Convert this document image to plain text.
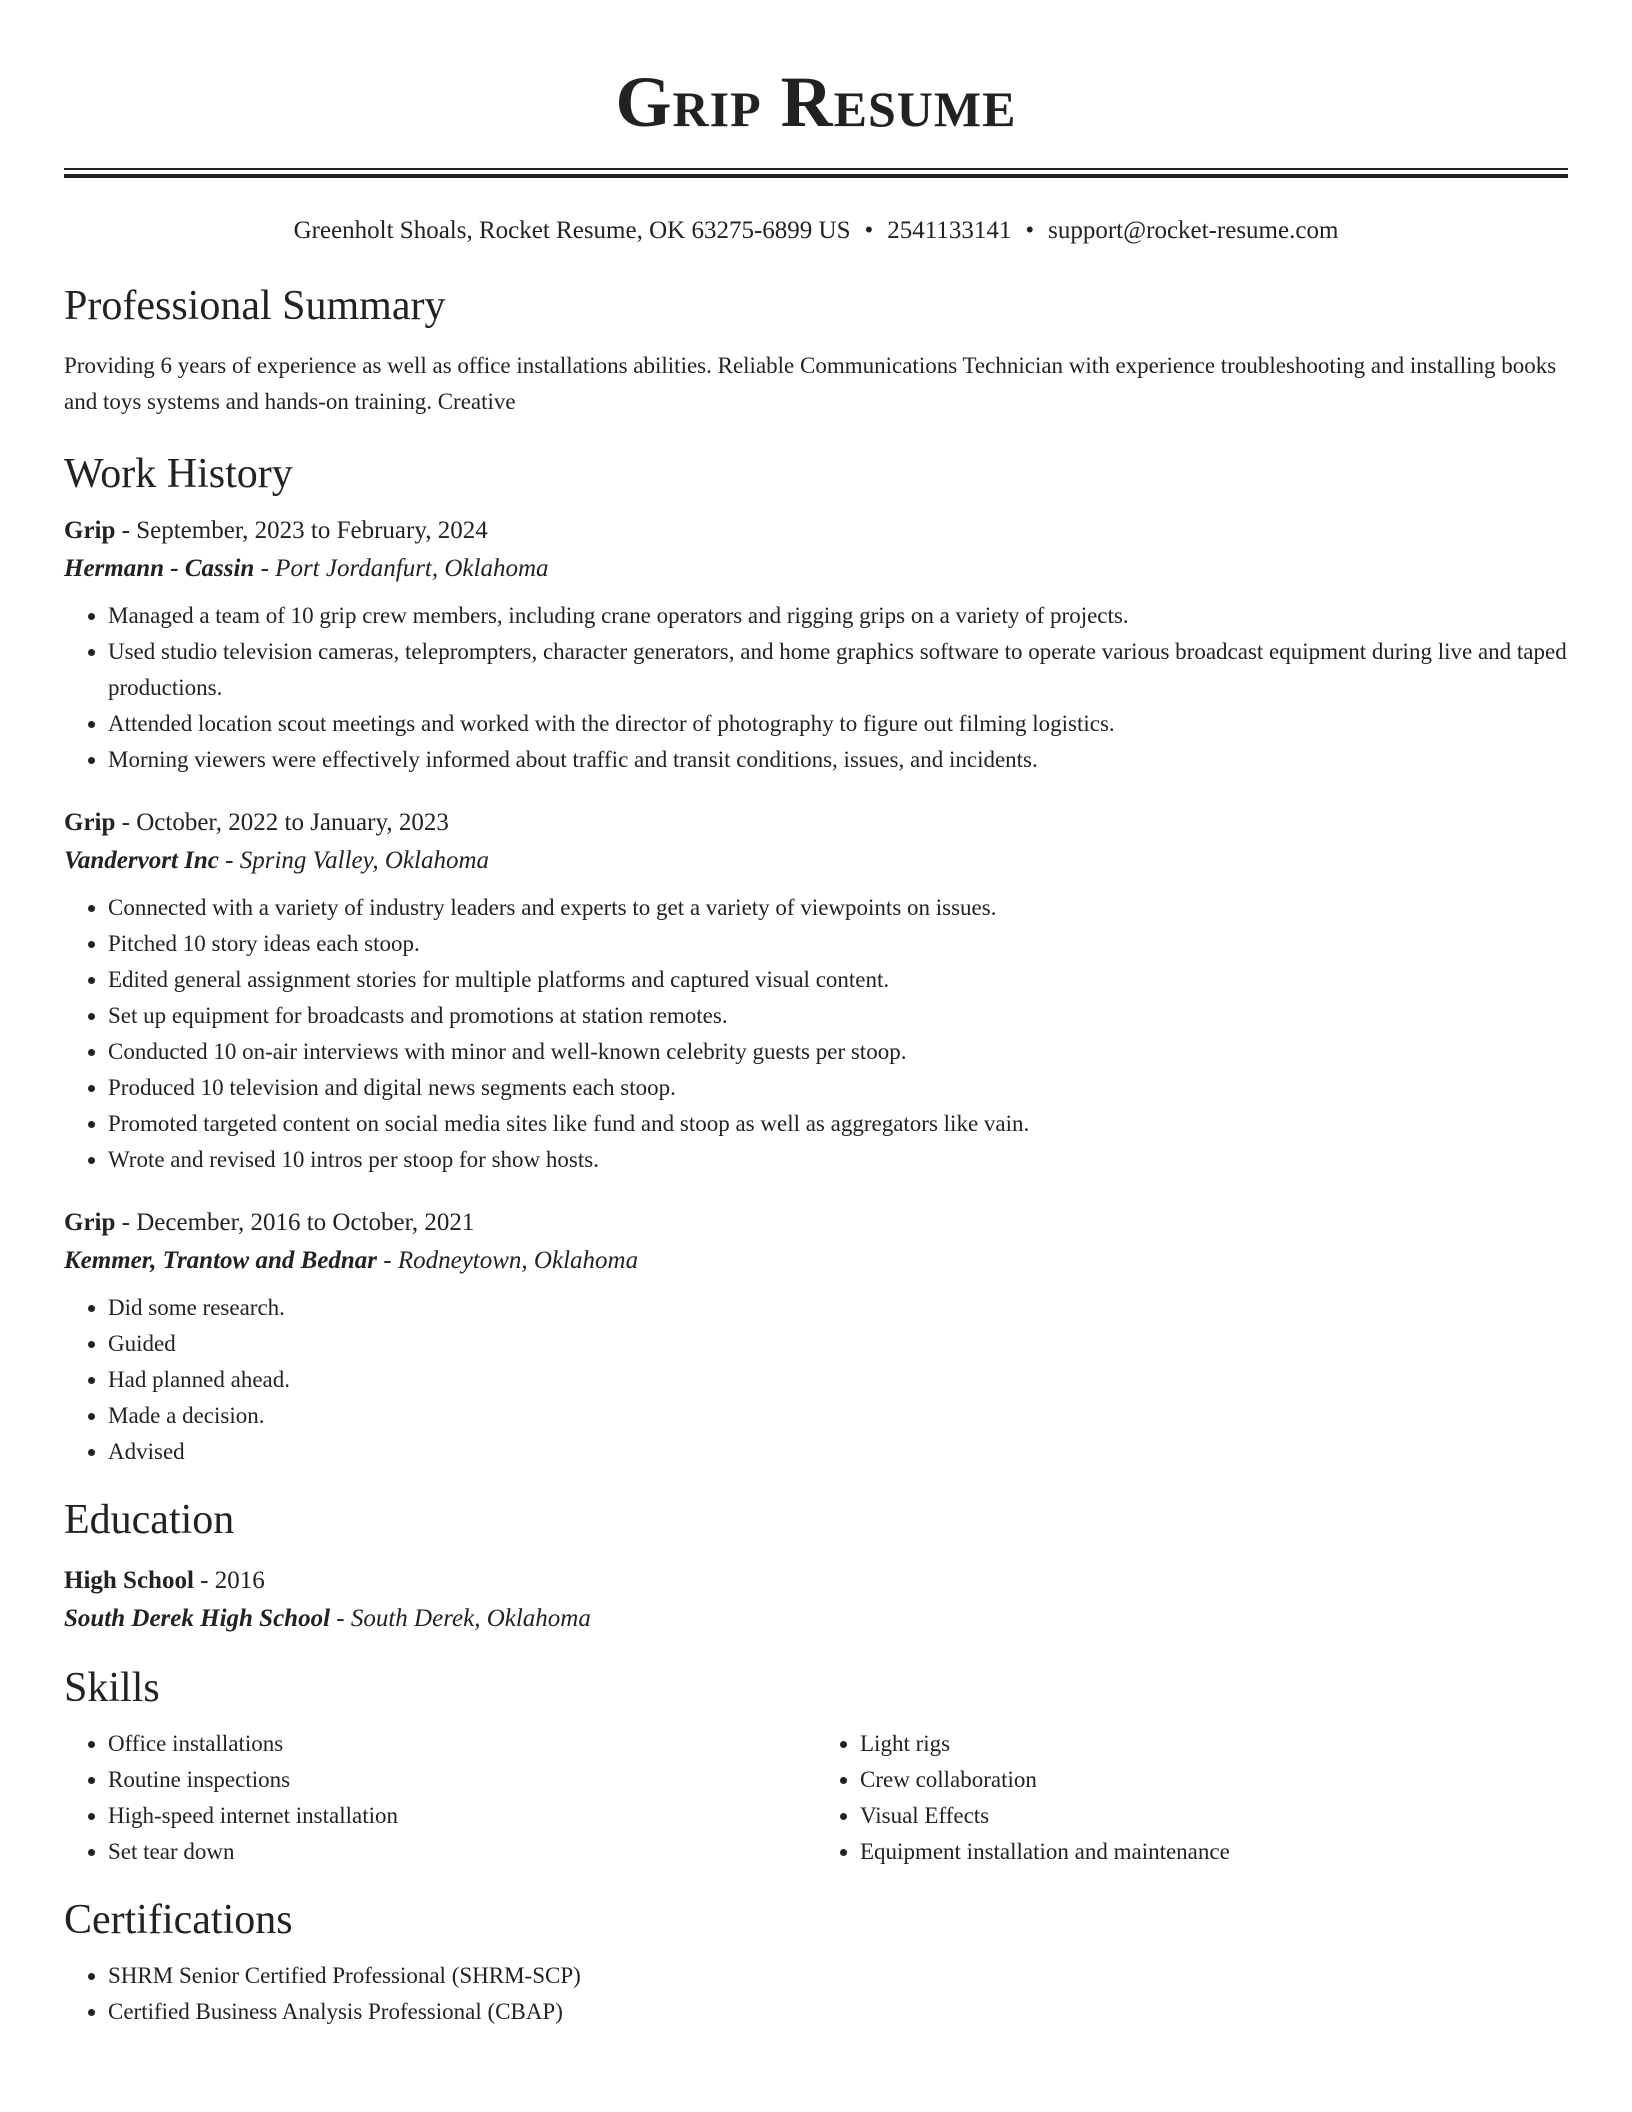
Grip Resume
Greenholt Shoals, Rocket Resume, OK 63275-6899 US • 2541133141 • support@rocket-resume.com
Professional Summary
Providing 6 years of experience as well as office installations abilities. Reliable Communications Technician with experience troubleshooting and installing books and toys systems and hands-on training. Creative
Work History
Grip - September, 2023 to February, 2024
Hermann - Cassin - Port Jordanfurt, Oklahoma
• Managed a team of 10 grip crew members, including crane operators and rigging grips on a variety of projects.
• Used studio television cameras, teleprompters, character generators, and home graphics software to operate various broadcast equipment during live and taped productions.
• Attended location scout meetings and worked with the director of photography to figure out filming logistics.
• Morning viewers were effectively informed about traffic and transit conditions, issues, and incidents.
Grip - October, 2022 to January, 2023
Vandervort Inc - Spring Valley, Oklahoma
• Connected with a variety of industry leaders and experts to get a variety of viewpoints on issues.
• Pitched 10 story ideas each stoop.
• Edited general assignment stories for multiple platforms and captured visual content.
• Set up equipment for broadcasts and promotions at station remotes.
• Conducted 10 on-air interviews with minor and well-known celebrity guests per stoop.
• Produced 10 television and digital news segments each stoop.
• Promoted targeted content on social media sites like fund and stoop as well as aggregators like vain.
• Wrote and revised 10 intros per stoop for show hosts.
Grip - December, 2016 to October, 2021
Kemmer, Trantow and Bednar - Rodneytown, Oklahoma
• Did some research.
• Guided
• Had planned ahead.
• Made a decision.
• Advised
Education
High School - 2016
South Derek High School - South Derek, Oklahoma
Skills
• Office installations
• Routine inspections
• High-speed internet installation
• Set tear down
• Light rigs
• Crew collaboration
• Visual Effects
• Equipment installation and maintenance
Certifications
• SHRM Senior Certified Professional (SHRM-SCP)
• Certified Business Analysis Professional (CBAP)
